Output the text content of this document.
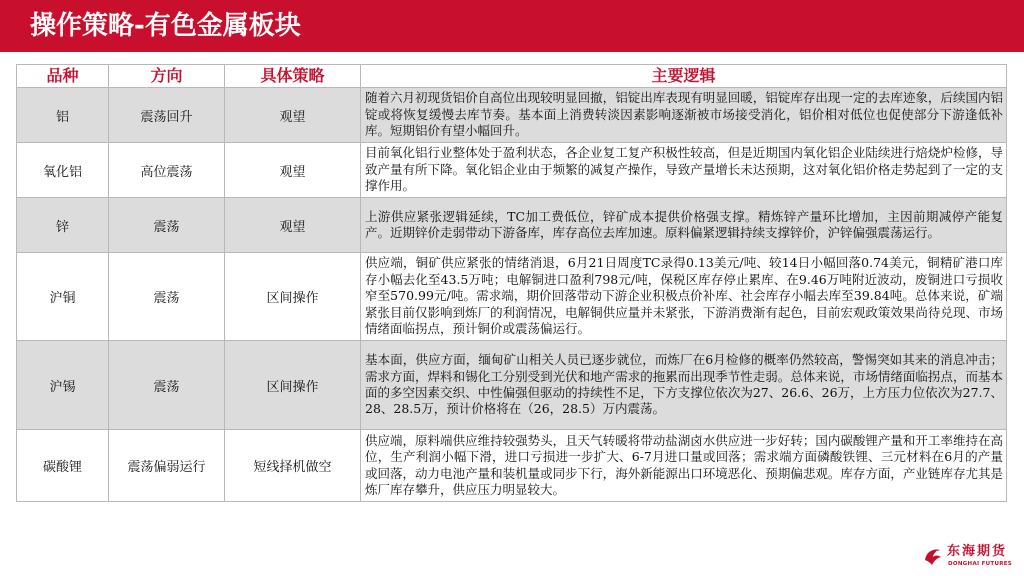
操作策略-有色金属板块
品种	方向	具体策略	主要逻辑
铝	震荡回升	观望	随着六月初现货铝价自高位出现较明显回撤，铝锭出库表现有明显回暖，铝锭库存出现一定的去库迹象，后续国内铝锭或将恢复缓慢去库节奏。基本面上消费转淡因素影响逐渐被市场接受消化，铝价相对低位也促使部分下游逢低补库。短期铝价有望小幅回升。
氧化铝	高位震荡	观望	目前氧化铝行业整体处于盈利状态，各企业复工复产积极性较高，但是近期国内氧化铝企业陆续进行焙烧炉检修，导致产量有所下降。氧化铝企业由于频繁的减复产操作，导致产量增长未达预期，这对氧化铝价格走势起到了一定的支撑作用。
锌	震荡	观望	上游供应紧张逻辑延续，TC加工费低位，锌矿成本提供价格强支撑。精炼锌产量环比增加，主因前期减停产能复产。近期锌价走弱带动下游备库，库存高位去库加速。原料偏紧逻辑持续支撑锌价，沪锌偏强震荡运行。
沪铜	震荡	区间操作	供应端，铜矿供应紧张的情绪消退，6月21日周度TC录得0.13美元/吨、较14日小幅回落0.74美元，铜精矿港口库存小幅去化至43.5万吨；电解铜进口盈利798元/吨，保税区库存停止累库、在9.46万吨附近波动，废铜进口亏损收窄至570.99元/吨。需求端，期价回落带动下游企业积极点价补库、社会库存小幅去库至39.84吨。总体来说，矿端紧张目前仅影响到炼厂的利润情况，电解铜供应量并未紧张，下游消费渐有起色，目前宏观政策效果尚待兑现、市场情绪面临拐点，预计铜价或震荡偏运行。
沪锡	震荡	区间操作	基本面，供应方面，缅甸矿山相关人员已逐步就位，而炼厂在6月检修的概率仍然较高，警惕突如其来的消息冲击；需求方面，焊料和锡化工分别受到光伏和地产需求的拖累而出现季节性走弱。总体来说，市场情绪面临拐点，而基本面的多空因素交织、中性偏强但驱动的持续性不足，下方支撑位依次为27、26.6、26万，上方压力位依次为27.7、28、28.5万，预计价格将在（26，28.5）万内震荡。
碳酸锂	震荡偏弱运行	短线择机做空	供应端，原料端供应维持较强势头，且天气转暖将带动盐湖卤水供应进一步好转；国内碳酸锂产量和开工率维持在高位，生产利润小幅下滑，进口亏损进一步扩大、6-7月进口量或回落；需求端方面磷酸铁锂、三元材料在6月的产量或回落，动力电池产量和装机量或同步下行，海外新能源出口环境恶化、预期偏悲观。库存方面，产业链库存尤其是炼厂库存攀升，供应压力明显较大。
东海期货
DONGHAI FUTURES
